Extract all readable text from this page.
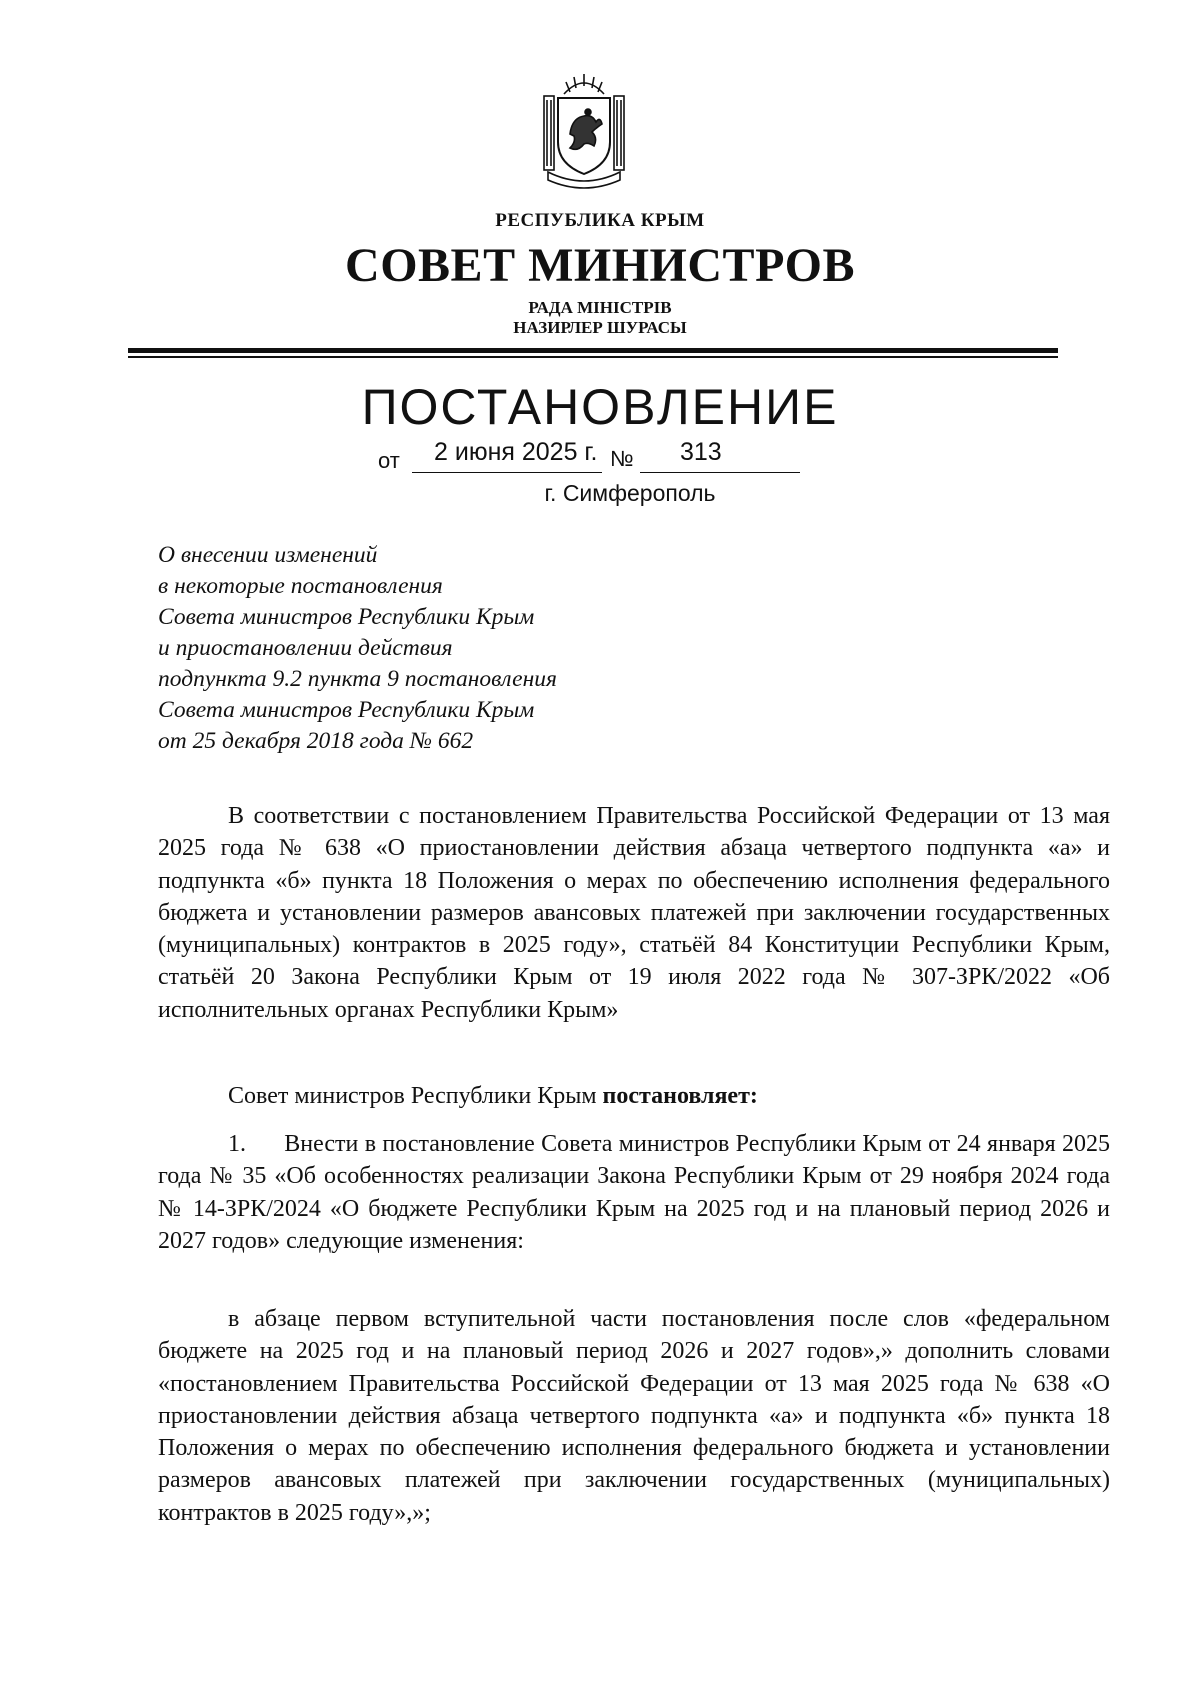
РЕСПУБЛИКА КРЫМ
СОВЕТ МИНИСТРОВ
РАДА МІНІСТРІВ
НАЗИРЛЕР ШУРАСЫ
ПОСТАНОВЛЕНИЕ
от 2 июня 2025 г. № 313
г. Симферополь
О внесении изменений
в некоторые постановления
Совета министров Республики Крым
и приостановлении действия
подпункта 9.2 пункта 9 постановления
Совета министров Республики Крым
от 25 декабря 2018 года № 662
В соответствии с постановлением Правительства Российской Федерации от 13 мая 2025 года № 638 «О приостановлении действия абзаца четвертого подпункта «а» и подпункта «б» пункта 18 Положения о мерах по обеспечению исполнения федерального бюджета и установлении размеров авансовых платежей при заключении государственных (муниципальных) контрактов в 2025 году», статьёй 84 Конституции Республики Крым, статьёй 20 Закона Республики Крым от 19 июля 2022 года № 307-ЗРК/2022 «Об исполнительных органах Республики Крым»
Совет министров Республики Крым постановляет:
1. Внести в постановление Совета министров Республики Крым от 24 января 2025 года № 35 «Об особенностях реализации Закона Республики Крым от 29 ноября 2024 года № 14-ЗРК/2024 «О бюджете Республики Крым на 2025 год и на плановый период 2026 и 2027 годов» следующие изменения:
в абзаце первом вступительной части постановления после слов «федеральном бюджете на 2025 год и на плановый период 2026 и 2027 годов»,» дополнить словами «постановлением Правительства Российской Федерации от 13 мая 2025 года № 638 «О приостановлении действия абзаца четвертого подпункта «а» и подпункта «б» пункта 18 Положения о мерах по обеспечению исполнения федерального бюджета и установлении размеров авансовых платежей при заключении государственных (муниципальных) контрактов в 2025 году»,»;
